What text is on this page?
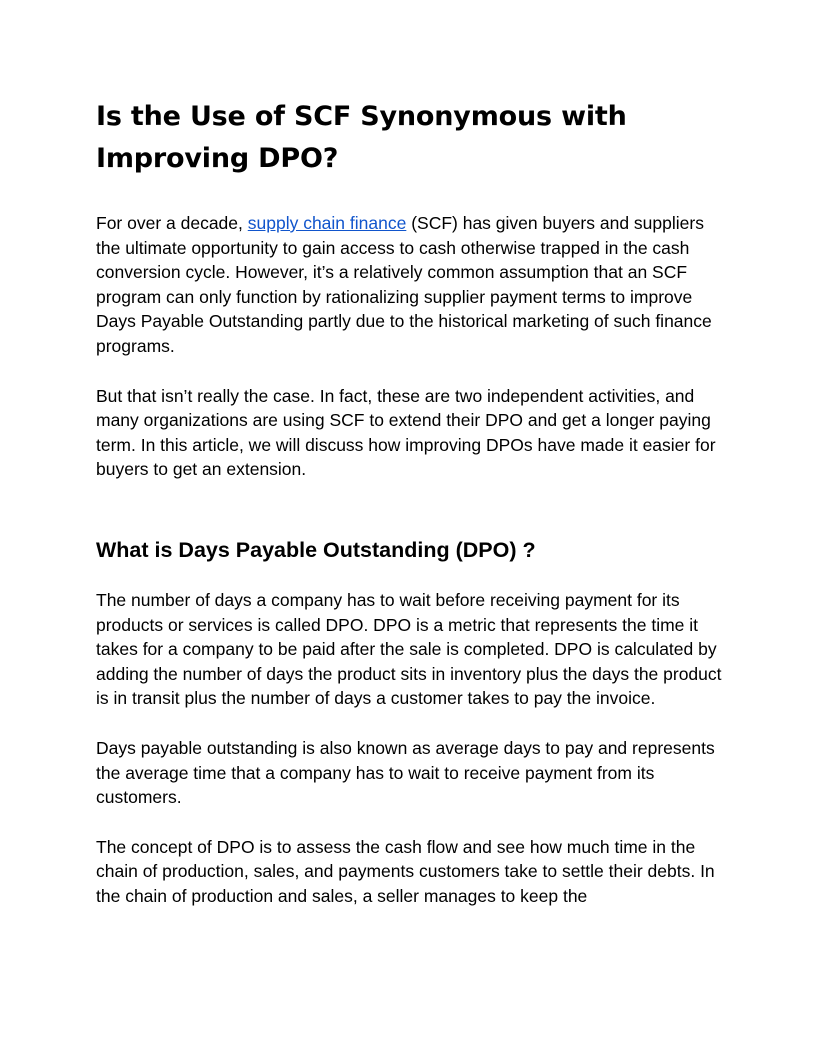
Is the Use of SCF Synonymous with Improving DPO?

For over a decade, supply chain finance (SCF) has given buyers and suppliers the ultimate opportunity to gain access to cash otherwise trapped in the cash conversion cycle. However, it’s a relatively common assumption that an SCF program can only function by rationalizing supplier payment terms to improve Days Payable Outstanding partly due to the historical marketing of such finance programs.

But that isn’t really the case. In fact, these are two independent activities, and many organizations are using SCF to extend their DPO and get a longer paying term. In this article, we will discuss how improving DPOs have made it easier for buyers to get an extension.

What is Days Payable Outstanding (DPO) ?

The number of days a company has to wait before receiving payment for its products or services is called DPO. DPO is a metric that represents the time it takes for a company to be paid after the sale is completed. DPO is calculated by adding the number of days the product sits in inventory plus the days the product is in transit plus the number of days a customer takes to pay the invoice.

Days payable outstanding is also known as average days to pay and represents the average time that a company has to wait to receive payment from its customers.

The concept of DPO is to assess the cash flow and see how much time in the chain of production, sales, and payments customers take to settle their debts. In the chain of production and sales, a seller manages to keep the
